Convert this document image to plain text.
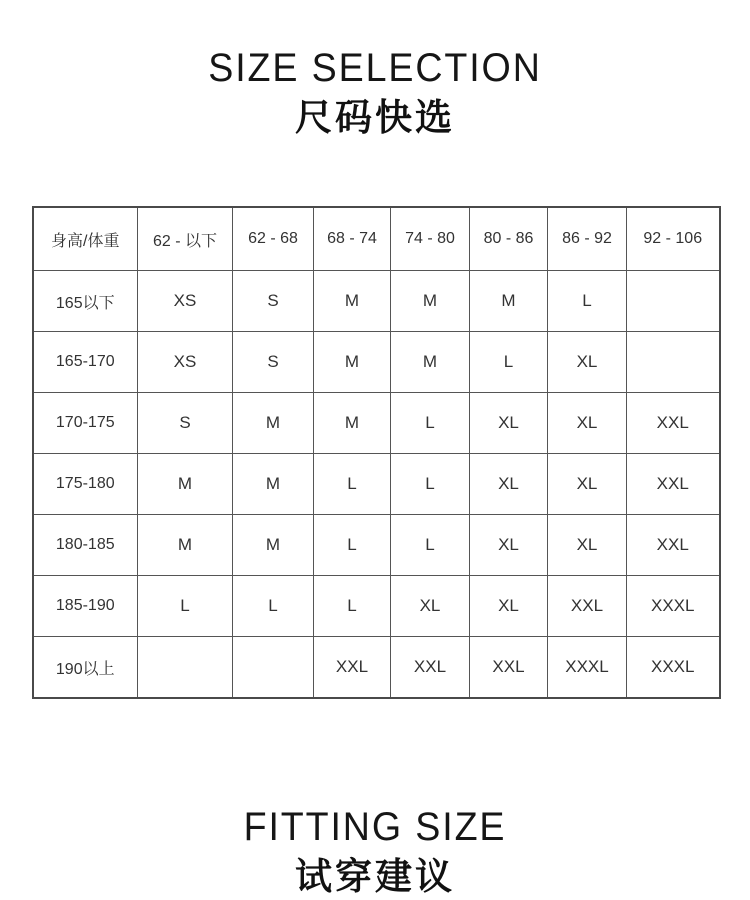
SIZE SELECTION
尺码快选
身高/体重	62 - 以下	62 - 68	68 - 74	74 - 80	80 - 86	86 - 92	92 - 106
165以下	XS	S	M	M	M	L	
165-170	XS	S	M	M	L	XL	
170-175	S	M	M	L	XL	XL	XXL
175-180	M	M	L	L	XL	XL	XXL
180-185	M	M	L	L	XL	XL	XXL
185-190	L	L	L	XL	XL	XXL	XXXL
190以上			XXL	XXL	XXL	XXXL	XXXL
FITTING SIZE
试穿建议
